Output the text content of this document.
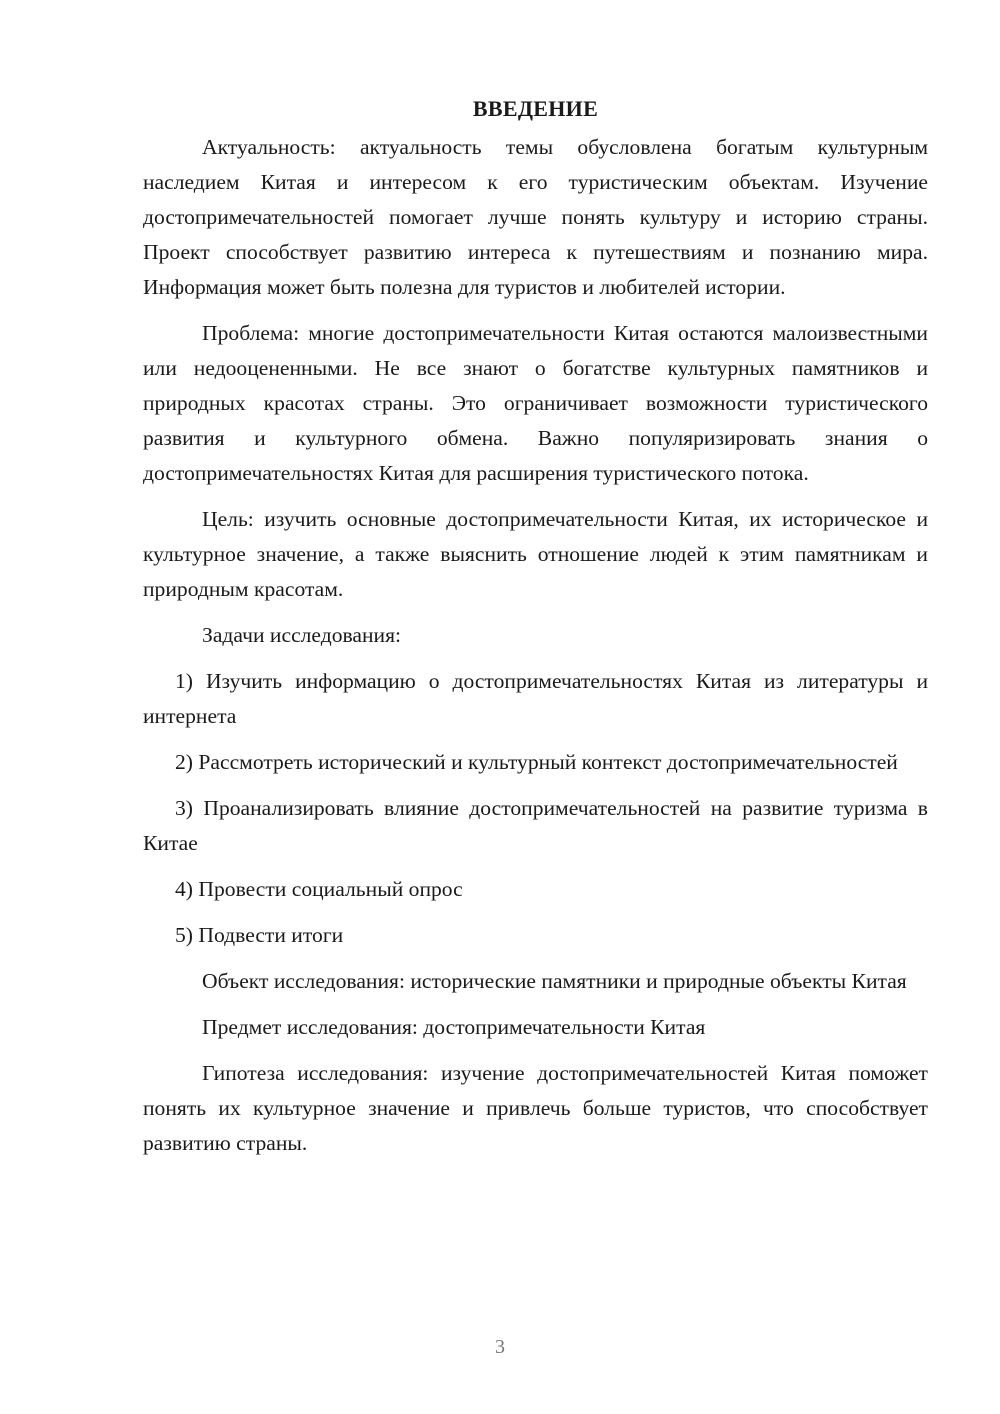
ВВЕДЕНИЕ

Актуальность: актуальность темы обусловлена богатым культурным наследием Китая и интересом к его туристическим объектам. Изучение достопримечательностей помогает лучше понять культуру и историю страны. Проект способствует развитию интереса к путешествиям и познанию мира. Информация может быть полезна для туристов и любителей истории.

Проблема: многие достопримечательности Китая остаются малоизвестными или недооцененными. Не все знают о богатстве культурных памятников и природных красотах страны. Это ограничивает возможности туристического развития и культурного обмена. Важно популяризировать знания о достопримечательностях Китая для расширения туристического потока.

Цель: изучить основные достопримечательности Китая, их историческое и культурное значение, а также выяснить отношение людей к этим памятникам и природным красотам.

Задачи исследования:

1) Изучить информацию о достопримечательностях Китая из литературы и интернета

2) Рассмотреть исторический и культурный контекст достопримечательностей

3) Проанализировать влияние достопримечательностей на развитие туризма в Китае

4) Провести социальный опрос

5) Подвести итоги

Объект исследования: исторические памятники и природные объекты Китая

Предмет исследования: достопримечательности Китая

Гипотеза исследования: изучение достопримечательностей Китая поможет понять их культурное значение и привлечь больше туристов, что способствует развитию страны.

3
